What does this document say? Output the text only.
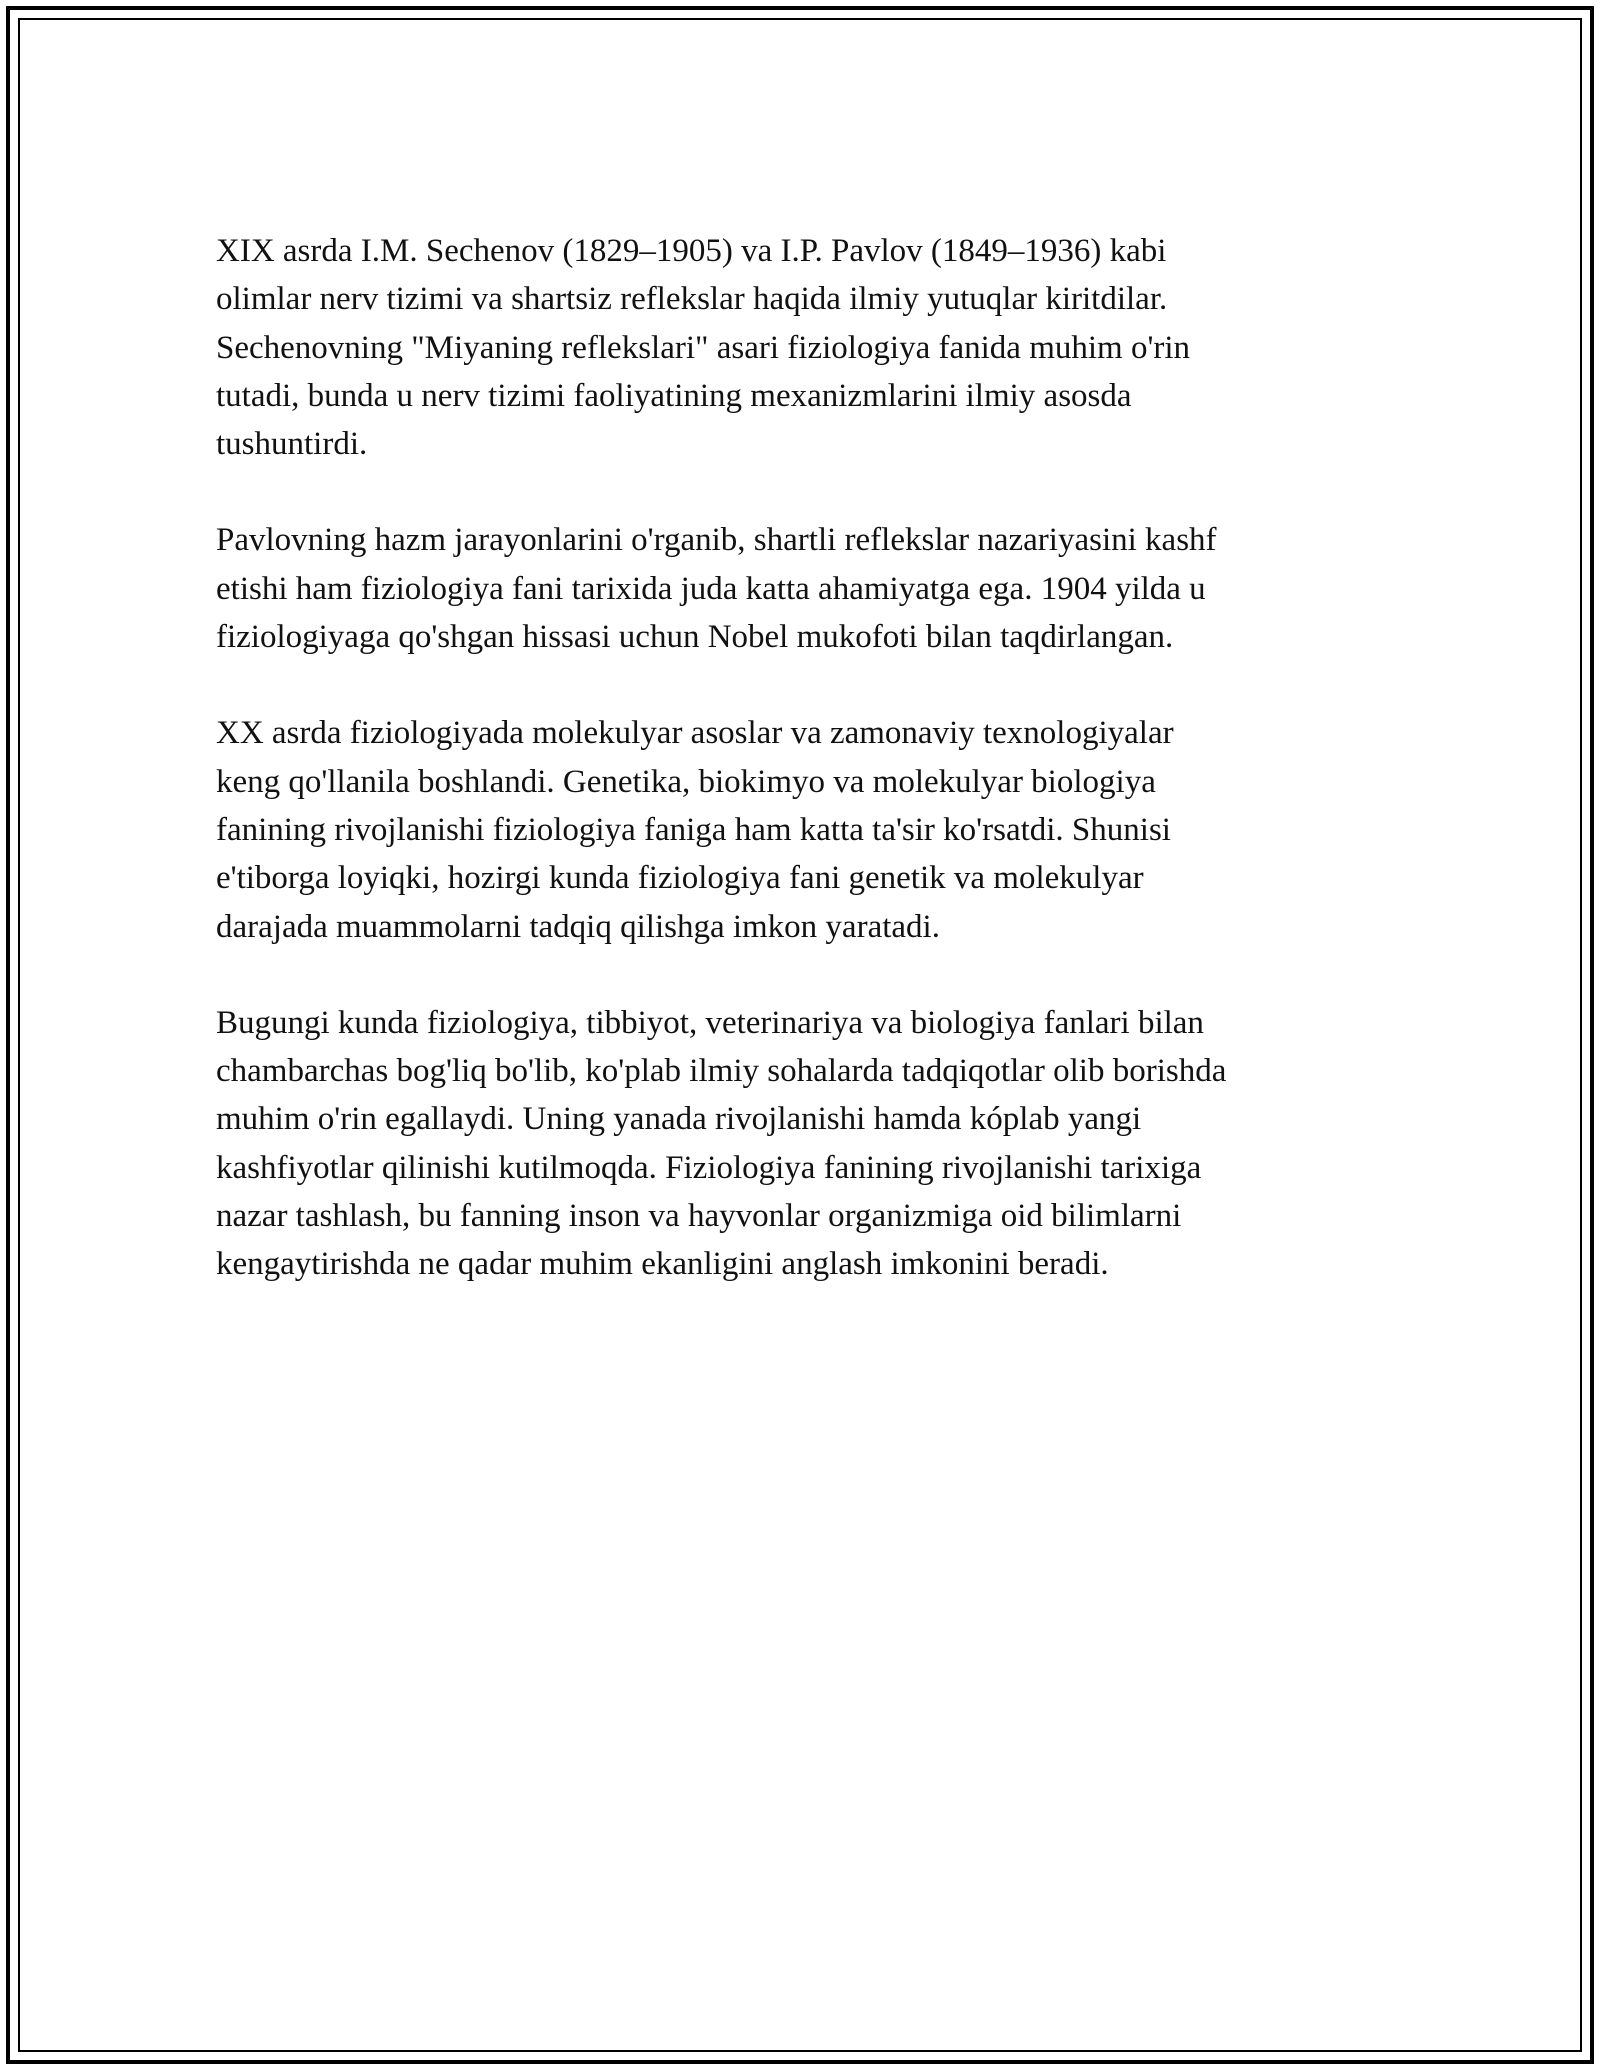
XIX asrda I.M. Sechenov (1829–1905) va I.P. Pavlov (1849–1936) kabi
olimlar nerv tizimi va shartsiz reflekslar haqida ilmiy yutuqlar kiritdilar.
Sechenovning "Miyaning reflekslari" asari fiziologiya fanida muhim o'rin
tutadi, bunda u nerv tizimi faoliyatining mexanizmlarini ilmiy asosda
tushuntirdi.

Pavlovning hazm jarayonlarini o'rganib, shartli reflekslar nazariyasini kashf
etishi ham fiziologiya fani tarixida juda katta ahamiyatga ega. 1904 yilda u
fiziologiyaga qo'shgan hissasi uchun Nobel mukofoti bilan taqdirlangan.

XX asrda fiziologiyada molekulyar asoslar va zamonaviy texnologiyalar
keng qo'llanila boshlandi. Genetika, biokimyo va molekulyar biologiya
fanining rivojlanishi fiziologiya faniga ham katta ta'sir ko'rsatdi. Shunisi
e'tiborga loyiqki, hozirgi kunda fiziologiya fani genetik va molekulyar
darajada muammolarni tadqiq qilishga imkon yaratadi.

Bugungi kunda fiziologiya, tibbiyot, veterinariya va biologiya fanlari bilan
chambarchas bog'liq bo'lib, ko'plab ilmiy sohalarda tadqiqotlar olib borishda
muhim o'rin egallaydi. Uning yanada rivojlanishi hamda kóplab yangi
kashfiyotlar qilinishi kutilmoqda. Fiziologiya fanining rivojlanishi tarixiga
nazar tashlash, bu fanning inson va hayvonlar organizmiga oid bilimlarni
kengaytirishda ne qadar muhim ekanligini anglash imkonini beradi.
